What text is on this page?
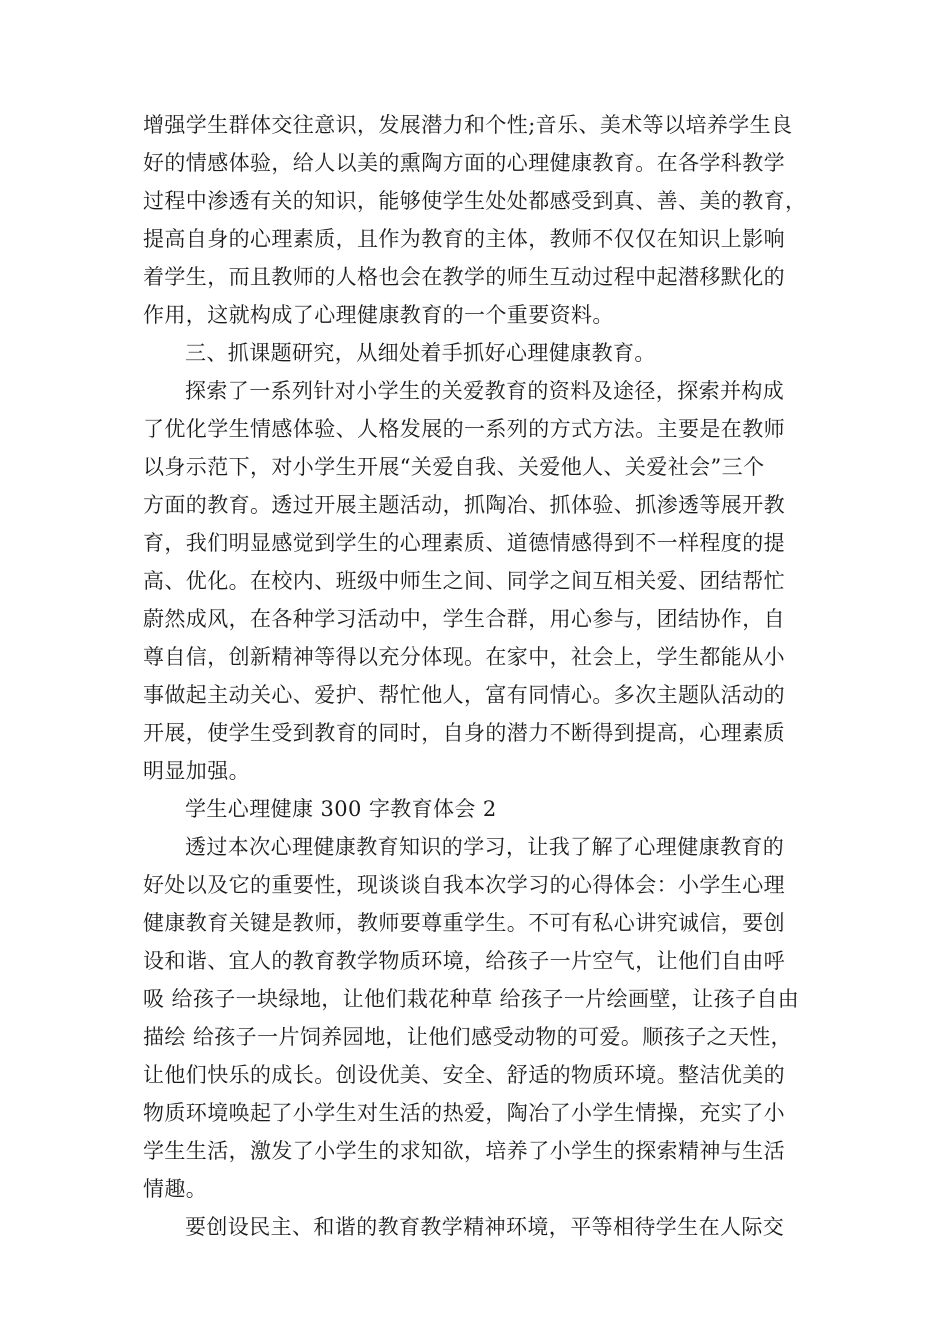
增强学生群体交往意识，发展潜力和个性;音乐、美术等以培养学生良
好的情感体验，给人以美的熏陶方面的心理健康教育。在各学科教学
过程中渗透有关的知识，能够使学生处处都感受到真、善、美的教育，
提高自身的心理素质，且作为教育的主体，教师不仅仅在知识上影响
着学生，而且教师的人格也会在教学的师生互动过程中起潜移默化的
作用，这就构成了心理健康教育的一个重要资料。

三、抓课题研究，从细处着手抓好心理健康教育。

探索了一系列针对小学生的关爱教育的资料及途径，探索并构成
了优化学生情感体验、人格发展的一系列的方式方法。主要是在教师
以身示范下，对小学生开展“关爱自我、关爱他人、关爱社会”三个
方面的教育。透过开展主题活动，抓陶冶、抓体验、抓渗透等展开教
育，我们明显感觉到学生的心理素质、道德情感得到不一样程度的提
高、优化。在校内、班级中师生之间、同学之间互相关爱、团结帮忙
蔚然成风，在各种学习活动中，学生合群，用心参与，团结协作，自
尊自信，创新精神等得以充分体现。在家中，社会上，学生都能从小
事做起主动关心、爱护、帮忙他人，富有同情心。多次主题队活动的
开展，使学生受到教育的同时，自身的潜力不断得到提高，心理素质
明显加强。

学生心理健康 300 字教育体会 2

透过本次心理健康教育知识的学习，让我了解了心理健康教育的
好处以及它的重要性，现谈谈自我本次学习的心得体会：小学生心理
健康教育关键是教师，教师要尊重学生。不可有私心讲究诚信，要创
设和谐、宜人的教育教学物质环境，给孩子一片空气，让他们自由呼
吸 给孩子一块绿地，让他们栽花种草 给孩子一片绘画壁，让孩子自由
描绘 给孩子一片饲养园地，让他们感受动物的可爱。顺孩子之天性，
让他们快乐的成长。创设优美、安全、舒适的物质环境。整洁优美的
物质环境唤起了小学生对生活的热爱，陶冶了小学生情操，充实了小
学生生活，激发了小学生的求知欲，培养了小学生的探索精神与生活
情趣。

要创设民主、和谐的教育教学精神环境，平等相待学生在人际交
